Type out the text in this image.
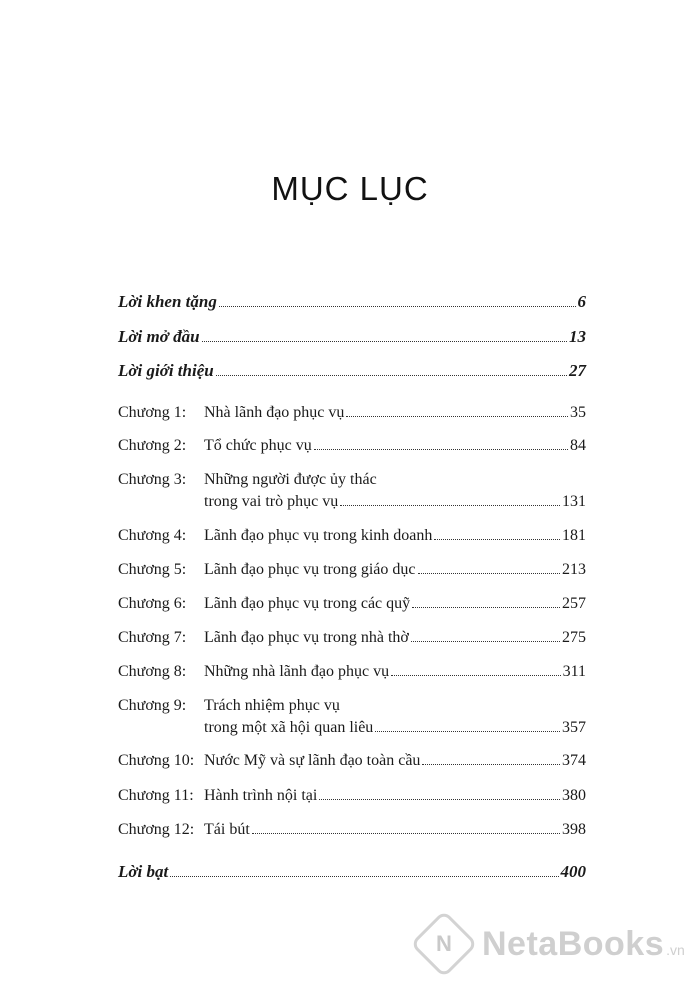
MỤC LỤC
Lời khen tặng	6
Lời mở đầu	13
Lời giới thiệu	27
Chương 1:	Nhà lãnh đạo phục vụ	35
Chương 2:	Tổ chức phục vụ	84
Chương 3:	Những người được ủy thác
trong vai trò phục vụ	131
Chương 4:	Lãnh đạo phục vụ trong kinh doanh	181
Chương 5:	Lãnh đạo phục vụ trong giáo dục	213
Chương 6:	Lãnh đạo phục vụ trong các quỹ	257
Chương 7:	Lãnh đạo phục vụ trong nhà thờ	275
Chương 8:	Những nhà lãnh đạo phục vụ	311
Chương 9:	Trách nhiệm phục vụ
trong một xã hội quan liêu	357
Chương 10: Nước Mỹ và sự lãnh đạo toàn cầu	374
Chương 11: Hành trình nội tại	380
Chương 12: Tái bút	398
Lời bạt	400
N NetaBooks .vn
